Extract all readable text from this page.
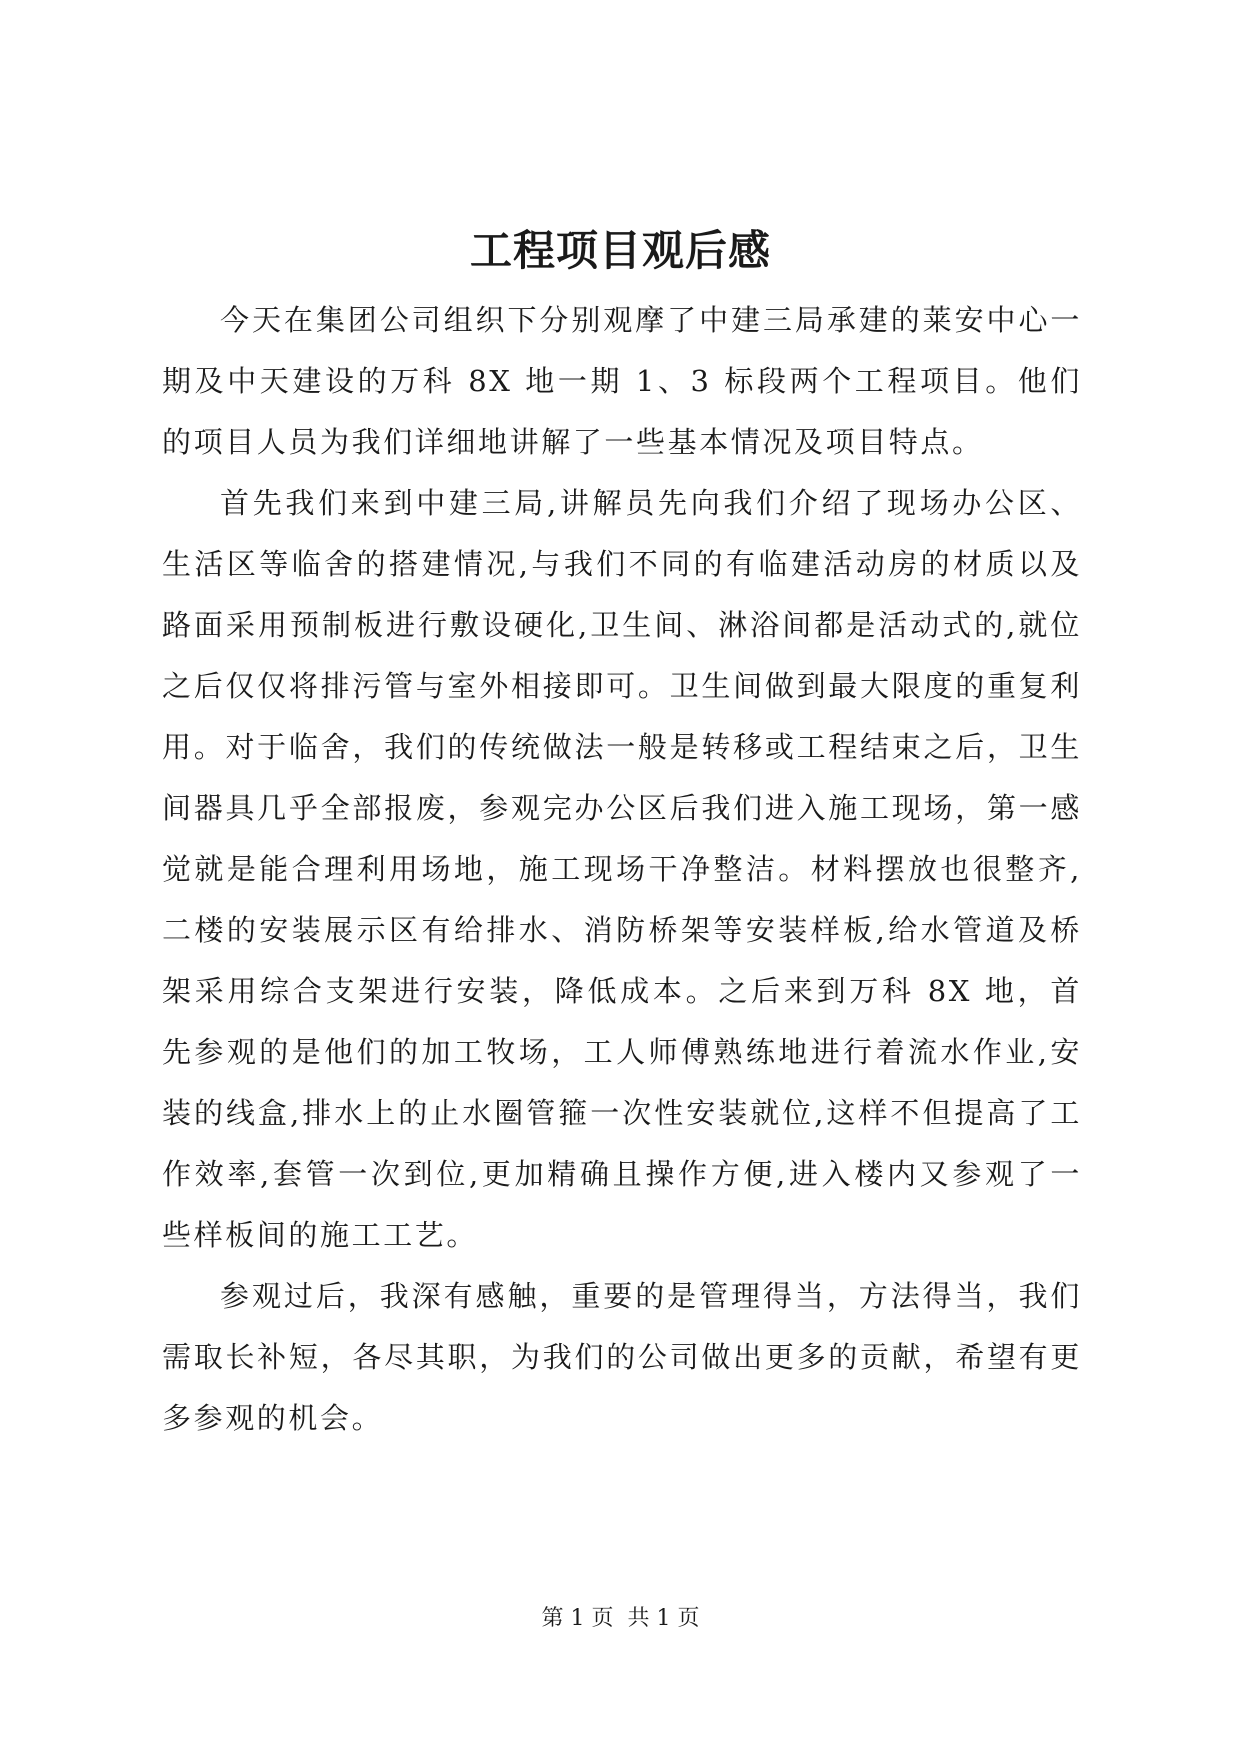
工程项目观后感

今天在集团公司组织下分别观摩了中建三局承建的莱安中心一期及中天建设的万科 8X 地一期 1、3 标段两个工程项目。他们的项目人员为我们详细地讲解了一些基本情况及项目特点。

首先我们来到中建三局,讲解员先向我们介绍了现场办公区、生活区等临舍的搭建情况,与我们不同的有临建活动房的材质以及路面采用预制板进行敷设硬化,卫生间、淋浴间都是活动式的,就位之后仅仅将排污管与室外相接即可。卫生间做到最大限度的重复利用。对于临舍，我们的传统做法一般是转移或工程结束之后，卫生间器具几乎全部报废，参观完办公区后我们进入施工现场，第一感觉就是能合理利用场地，施工现场干净整洁。材料摆放也很整齐,二楼的安装展示区有给排水、消防桥架等安装样板,给水管道及桥架采用综合支架进行安装，降低成本。之后来到万科 8X 地，首先参观的是他们的加工牧场，工人师傅熟练地进行着流水作业,安装的线盒,排水上的止水圈管箍一次性安装就位,这样不但提高了工作效率,套管一次到位,更加精确且操作方便,进入楼内又参观了一些样板间的施工工艺。

参观过后，我深有感触，重要的是管理得当，方法得当，我们需取长补短，各尽其职，为我们的公司做出更多的贡献，希望有更多参观的机会。

第 1 页  共 1 页
